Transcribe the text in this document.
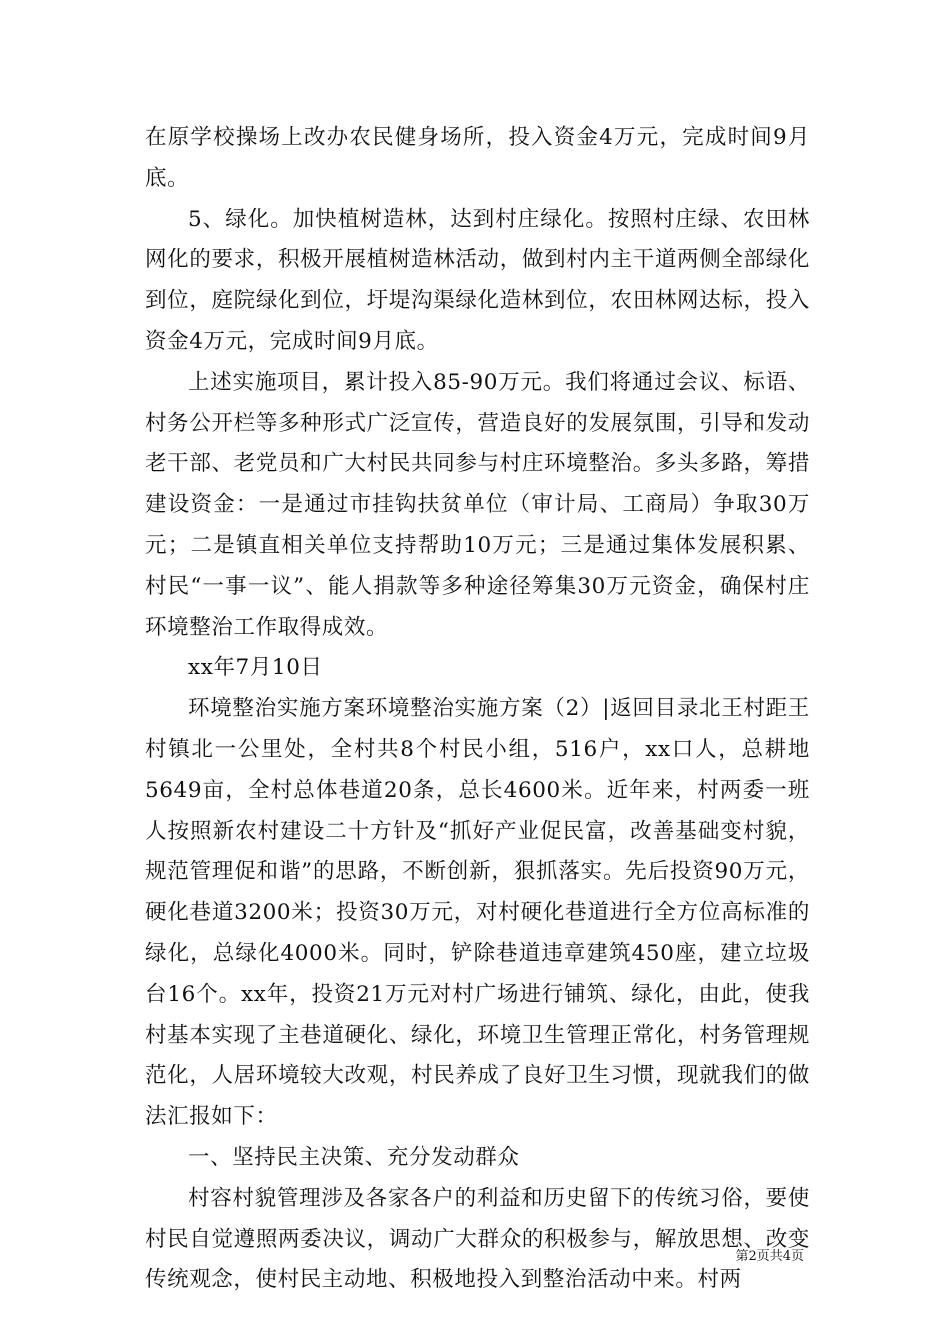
在原学校操场上改办农民健身场所，投入资金4万元，完成时间9月底。

5、绿化。加快植树造林，达到村庄绿化。按照村庄绿、农田林网化的要求，积极开展植树造林活动，做到村内主干道两侧全部绿化到位，庭院绿化到位，圩堤沟渠绿化造林到位，农田林网达标，投入资金4万元，完成时间9月底。

上述实施项目，累计投入85-90万元。我们将通过会议、标语、村务公开栏等多种形式广泛宣传，营造良好的发展氛围，引导和发动老干部、老党员和广大村民共同参与村庄环境整治。多头多路，筹措建设资金：一是通过市挂钩扶贫单位（审计局、工商局）争取30万元；二是镇直相关单位支持帮助10万元；三是通过集体发展积累、村民“一事一议”、能人捐款等多种途径筹集30万元资金，确保村庄环境整治工作取得成效。

xx年7月10日

环境整治实施方案环境整治实施方案（2）|返回目录北王村距王村镇北一公里处，全村共8个村民小组，516户，xx口人，总耕地5649亩，全村总体巷道20条，总长4600米。近年来，村两委一班人按照新农村建设二十方针及“抓好产业促民富，改善基础变村貌，规范管理促和谐”的思路，不断创新，狠抓落实。先后投资90万元，硬化巷道3200米；投资30万元，对村硬化巷道进行全方位高标准的绿化，总绿化4000米。同时，铲除巷道违章建筑450座，建立垃圾台16个。xx年，投资21万元对村广场进行铺筑、绿化，由此，使我村基本实现了主巷道硬化、绿化，环境卫生管理正常化，村务管理规范化，人居环境较大改观，村民养成了良好卫生习惯，现就我们的做法汇报如下：

一、坚持民主决策、充分发动群众

村容村貌管理涉及各家各户的利益和历史留下的传统习俗，要使村民自觉遵照两委决议，调动广大群众的积极参与，解放思想、改变传统观念，使村民主动地、积极地投入到整治活动中来。村两

第2页共4页
